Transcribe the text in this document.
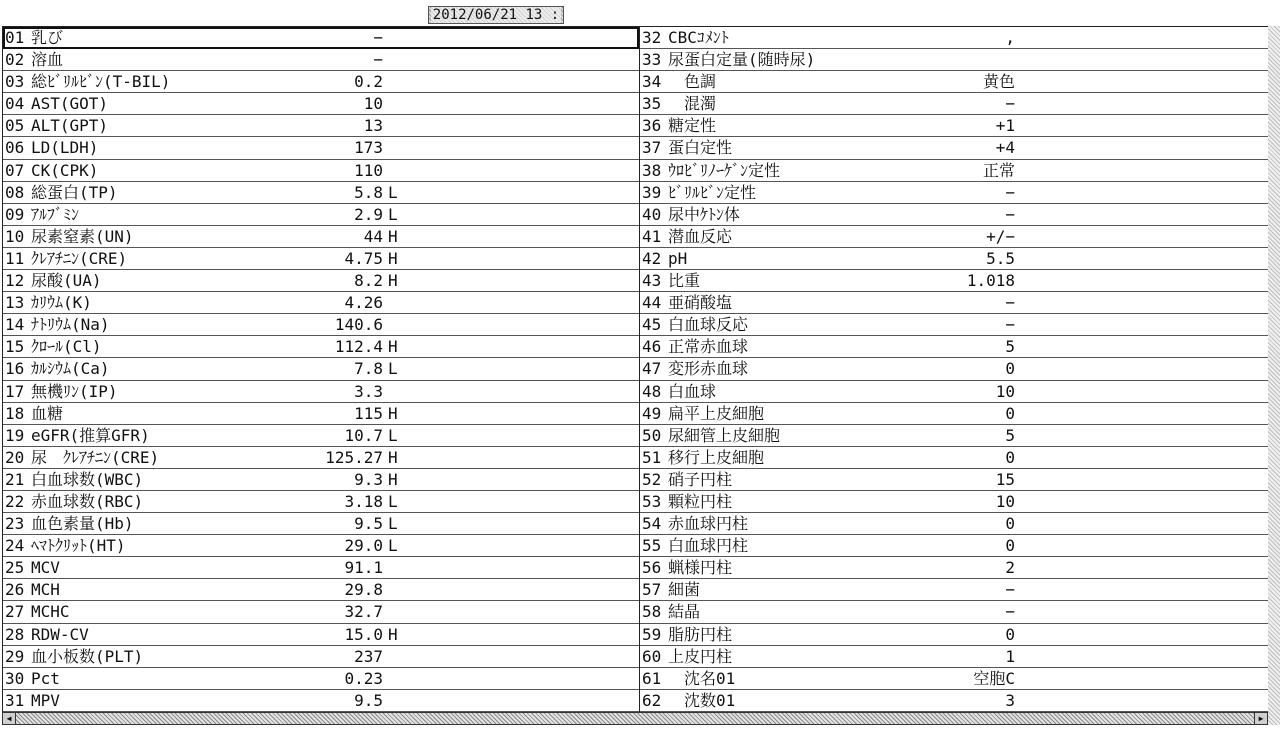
2012/06/21 13 :
01 乳び	−
02 溶血	−
03 総ﾋﾞﾘﾙﾋﾞﾝ(T-BIL)	0.2
04 AST(GOT)	10
05 ALT(GPT)	13
06 LD(LDH)	173
07 CK(CPK)	110
08 総蛋白(TP)	5.8 L
09 ｱﾙﾌﾞﾐﾝ	2.9 L
10 尿素窒素(UN)	44 H
11 ｸﾚｱﾁﾆﾝ(CRE)	4.75 H
12 尿酸(UA)	8.2 H
13 ｶﾘｳﾑ(K)	4.26
14 ﾅﾄﾘｳﾑ(Na)	140.6
15 ｸﾛｰﾙ(Cl)	112.4 H
16 ｶﾙｼｳﾑ(Ca)	7.8 L
17 無機ﾘﾝ(IP)	3.3
18 血糖	115 H
19 eGFR(推算GFR)	10.7 L
20 尿　ｸﾚｱﾁﾆﾝ(CRE)	125.27 H
21 白血球数(WBC)	9.3 H
22 赤血球数(RBC)	3.18 L
23 血色素量(Hb)	9.5 L
24 ﾍﾏﾄｸﾘｯﾄ(HT)	29.0 L
25 MCV	91.1
26 MCH	29.8
27 MCHC	32.7
28 RDW-CV	15.0 H
29 血小板数(PLT)	237
30 Pct	0.23
31 MPV	9.5
32 CBCｺﾒﾝﾄ	,
33 尿蛋白定量(随時尿)
34 　色調	黄色
35 　混濁	−
36 糖定性	+1
37 蛋白定性	+4
38 ｳﾛﾋﾞﾘﾉｰｹﾞﾝ定性	正常
39 ﾋﾞﾘﾙﾋﾞﾝ定性	−
40 尿中ｹﾄﾝ体	−
41 潜血反応	+/−
42 pH	5.5
43 比重	1.018
44 亜硝酸塩	−
45 白血球反応	−
46 正常赤血球	5
47 変形赤血球	0
48 白血球	10
49 扁平上皮細胞	0
50 尿細管上皮細胞	5
51 移行上皮細胞	0
52 硝子円柱	15
53 顆粒円柱	10
54 赤血球円柱	0
55 白血球円柱	0
56 蝋様円柱	2
57 細菌	−
58 結晶	−
59 脂肪円柱	0
60 上皮円柱	1
61 　沈名01	空胞C
62 　沈数01	3
◀	▶
